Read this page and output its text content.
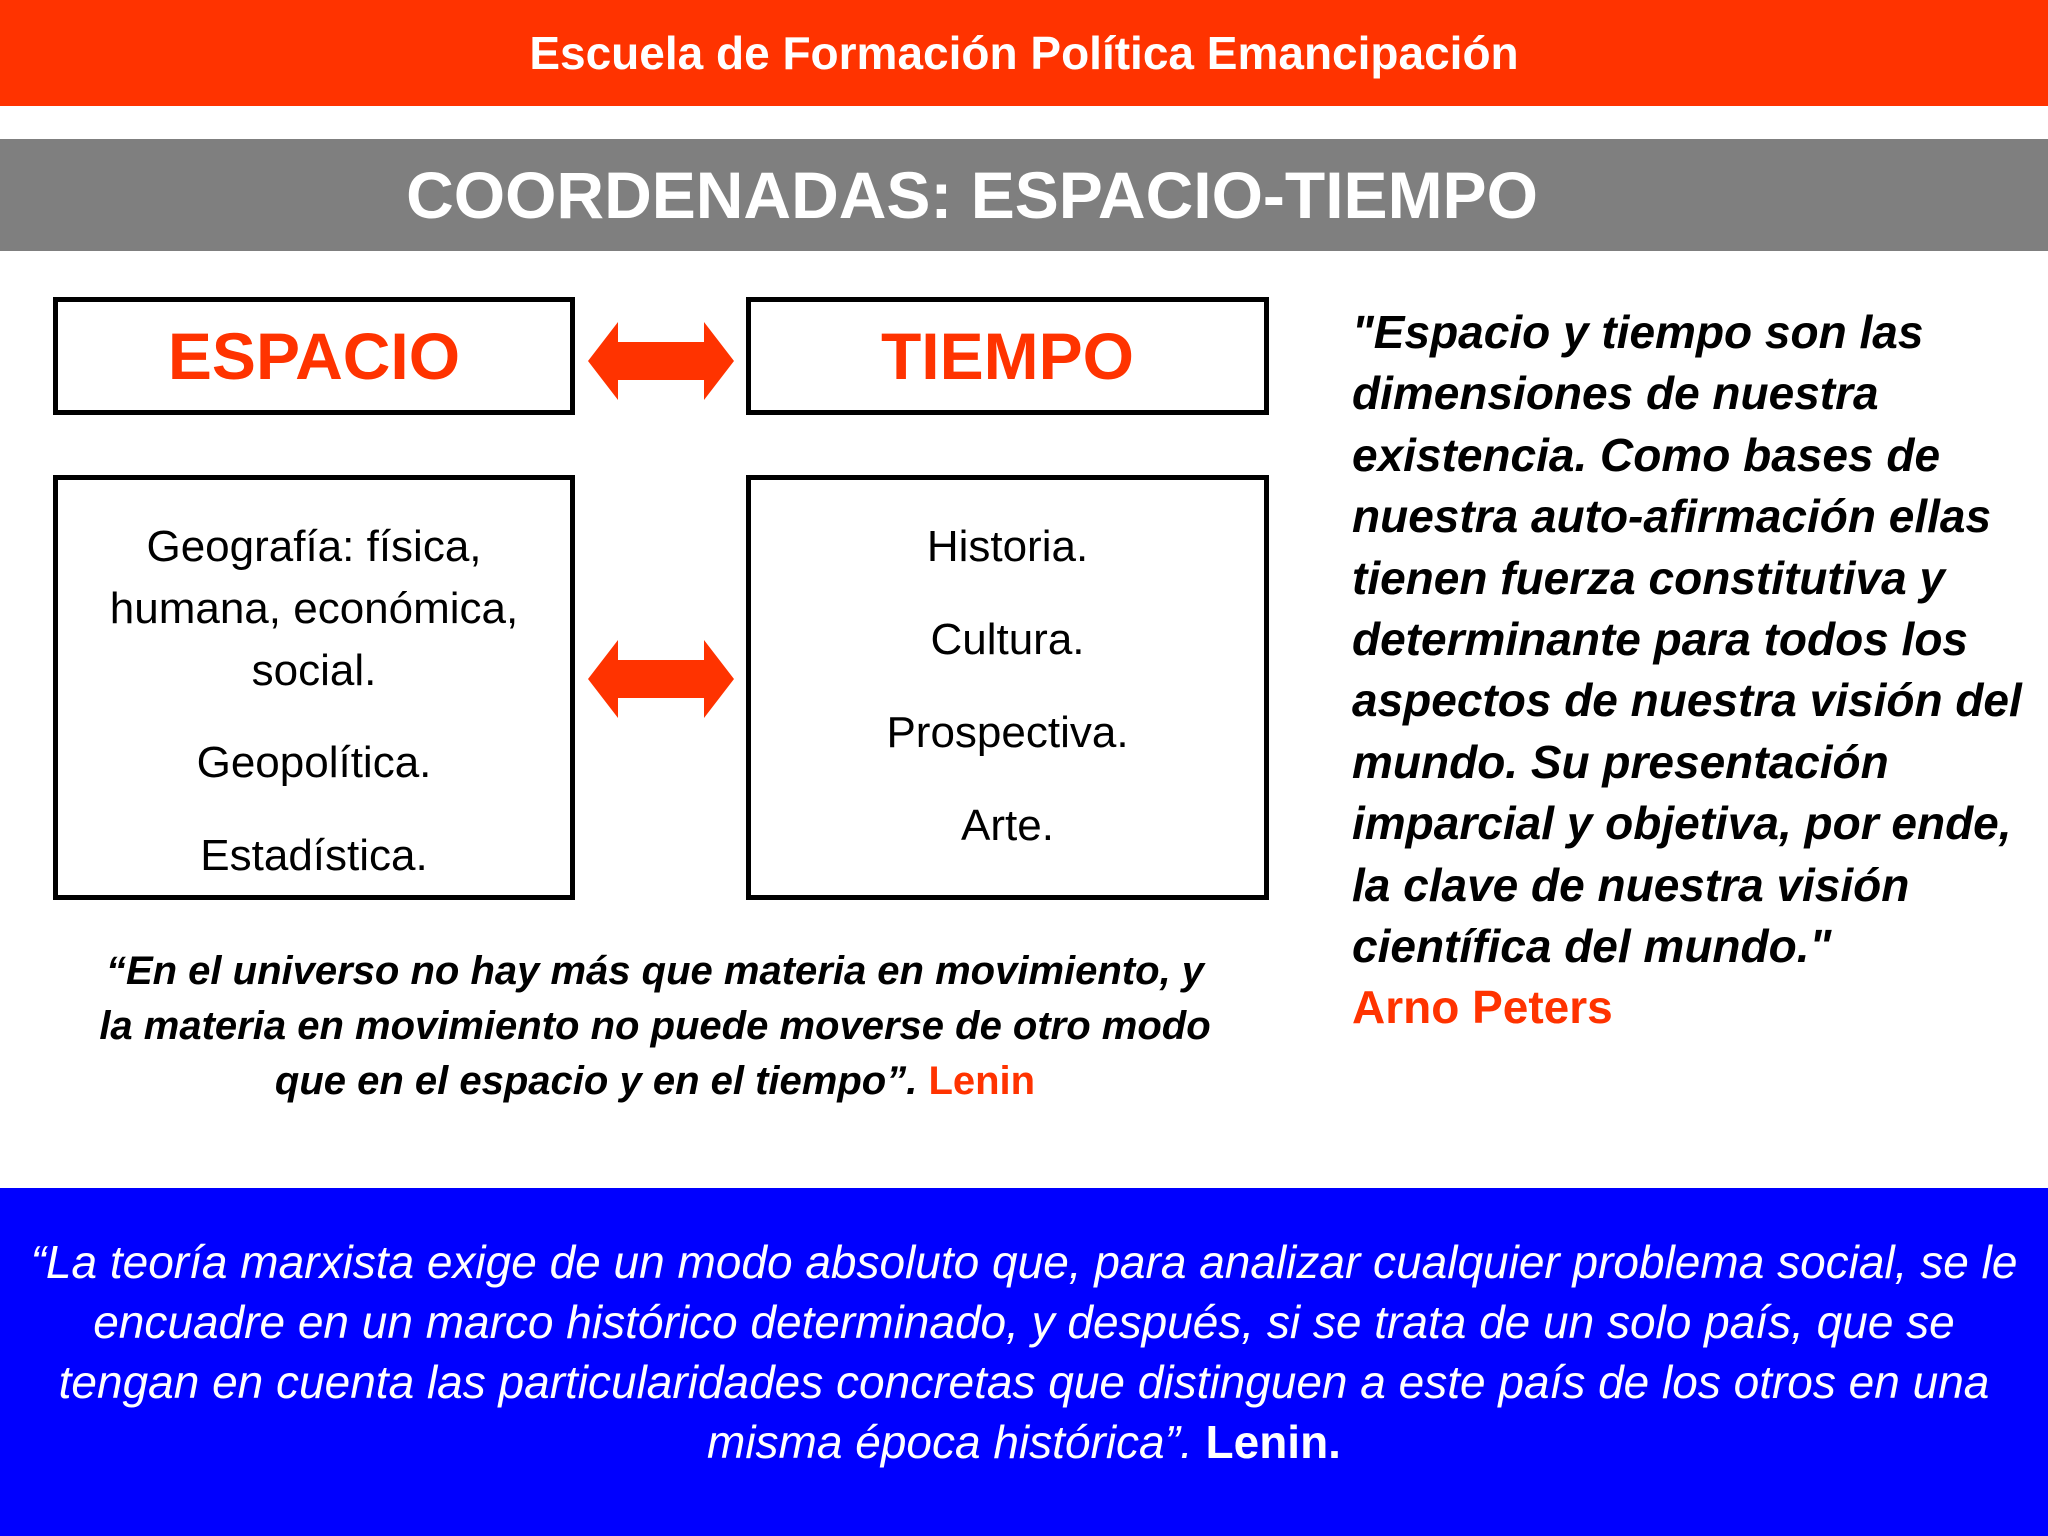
Escuela de Formación Política Emancipación
COORDENADAS: ESPACIO-TIEMPO
ESPACIO	TIEMPO

Geografía: física, humana, económica, social.

Geopolítica.

Estadística.

Historia.

Cultura.

Prospectiva.

Arte.

“En el universo no hay más que materia en movimiento, y la materia en movimiento no puede moverse de otro modo que en el espacio y en el tiempo”. Lenin
"Espacio y tiempo son las dimensiones de nuestra existencia. Como bases de nuestra auto-afirmación ellas tienen fuerza constitutiva y determinante para todos los aspectos de nuestra visión del mundo. Su presentación imparcial y objetiva, por ende, la clave de nuestra visión científica del mundo."
Arno Peters
“La teoría marxista exige de un modo absoluto que, para analizar cualquier problema social, se le encuadre en un marco histórico determinado, y después, si se trata de un solo país, que se tengan en cuenta las particularidades concretas que distinguen a este país de los otros en una misma época histórica”. Lenin.
